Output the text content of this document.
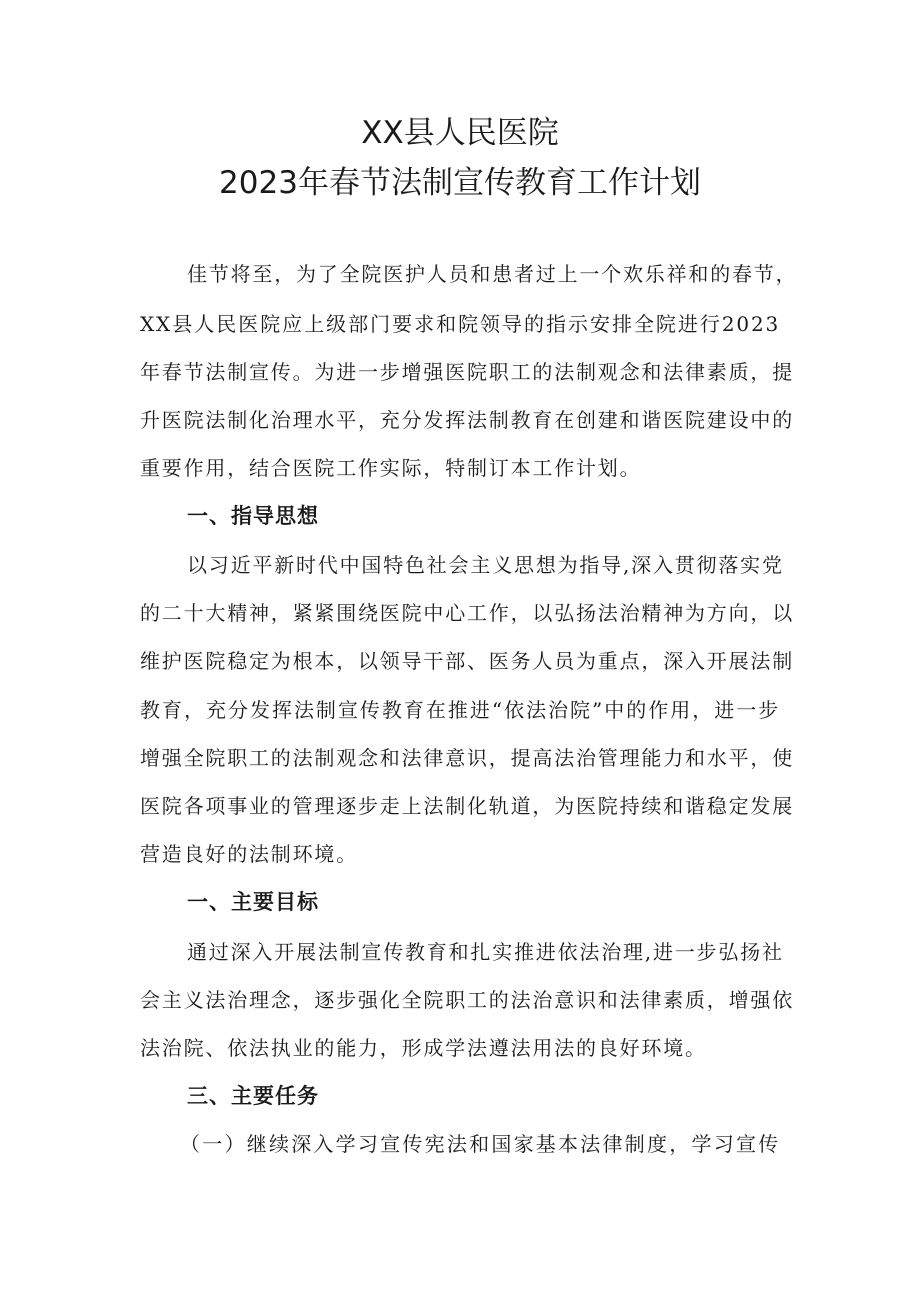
XX县人民医院
2023年春节法制宣传教育工作计划
佳节将至，为了全院医护人员和患者过上一个欢乐祥和的春节，
XX县人民医院应上级部门要求和院领导的指示安排全院进行2023
年春节法制宣传。为进一步增强医院职工的法制观念和法律素质，提
升医院法制化治理水平，充分发挥法制教育在创建和谐医院建设中的
重要作用，结合医院工作实际，特制订本工作计划。
一、指导思想
以习近平新时代中国特色社会主义思想为指导,深入贯彻落实党
的二十大精神，紧紧围绕医院中心工作，以弘扬法治精神为方向，以
维护医院稳定为根本，以领导干部、医务人员为重点，深入开展法制
教育，充分发挥法制宣传教育在推进“依法治院”中的作用，进一步
增强全院职工的法制观念和法律意识，提高法治管理能力和水平，使
医院各项事业的管理逐步走上法制化轨道，为医院持续和谐稳定发展
营造良好的法制环境。
一、主要目标
通过深入开展法制宣传教育和扎实推进依法治理,进一步弘扬社
会主义法治理念，逐步强化全院职工的法治意识和法律素质，增强依
法治院、依法执业的能力，形成学法遵法用法的良好环境。
三、主要任务
（一）继续深入学习宣传宪法和国家基本法律制度，学习宣传
